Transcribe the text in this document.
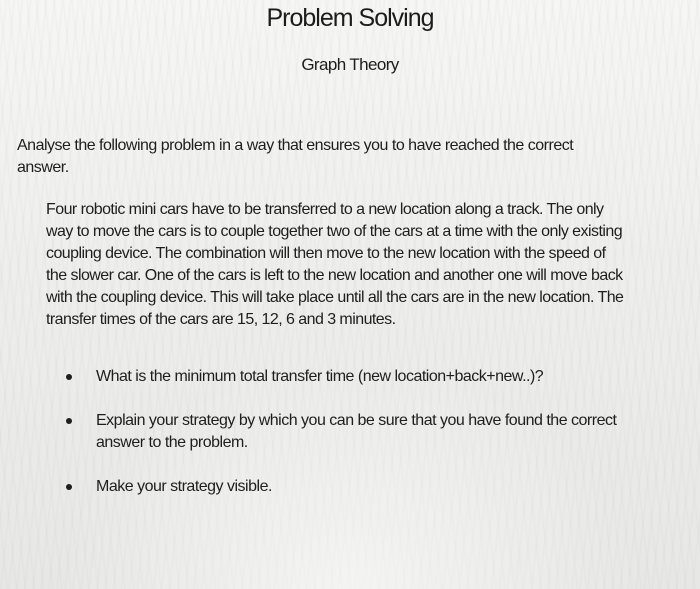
Problem Solving
Graph Theory
Analyse the following problem in a way that ensures you to have reached the correct answer.
Four robotic mini cars have to be transferred to a new location along a track. The only way to move the cars is to couple together two of the cars at a time with the only existing coupling device. The combination will then move to the new location with the speed of the slower car. One of the cars is left to the new location and another one will move back with the coupling device. This will take place until all the cars are in the new location. The transfer times of the cars are 15, 12, 6 and 3 minutes.
What is the minimum total transfer time (new location+back+new..)?
Explain your strategy by which you can be sure that you have found the correct answer to the problem.
Make your strategy visible.
